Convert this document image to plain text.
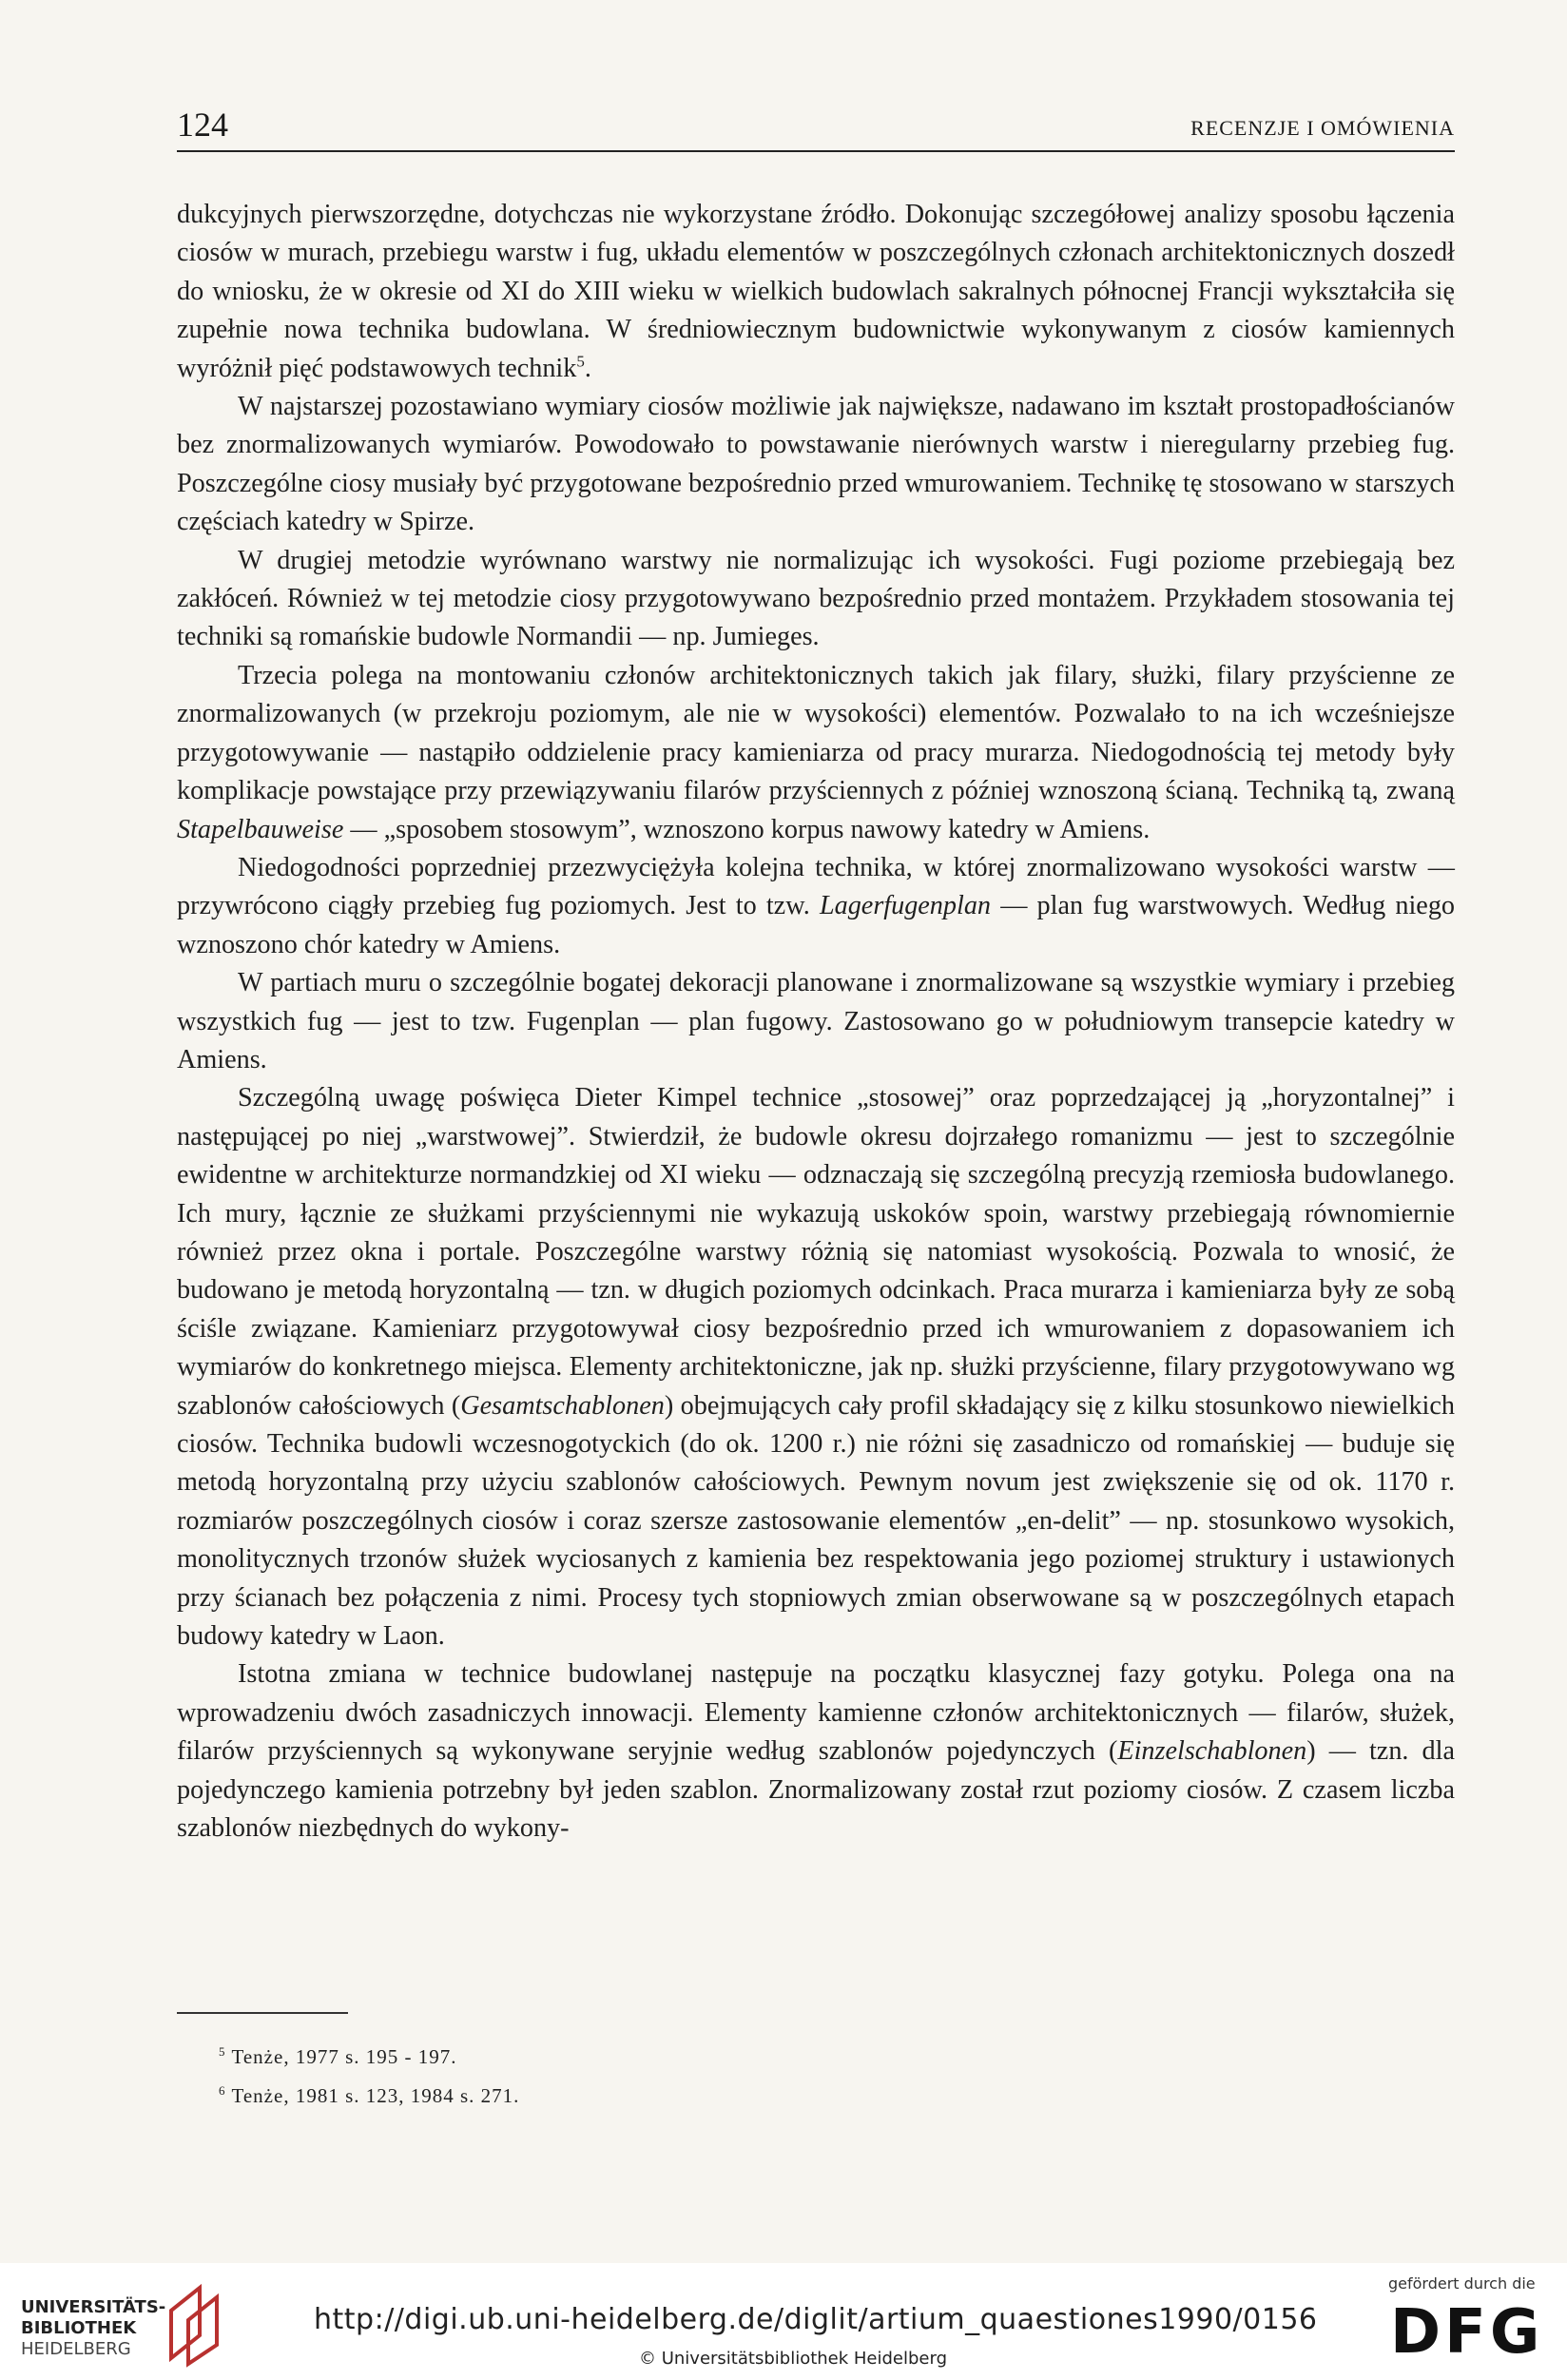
124	RECENZJE I OMÓWIENIA

dukcyjnych pierwszorzędne, dotychczas nie wykorzystane źródło. Dokonując szczegółowej analizy sposobu łączenia ciosów w murach, przebiegu warstw i fug, układu elementów w poszczególnych członach architektonicznych doszedł do wniosku, że w okresie od XI do XIII wieku w wielkich budowlach sakralnych północnej Francji wykształciła się zupełnie nowa technika budowlana. W średniowiecznym budownictwie wykonywanym z ciosów kamiennych wyróżnił pięć podstawowych technik$^5$.

W najstarszej pozostawiano wymiary ciosów możliwie jak największe, nadawano im kształt prostopadłościanów bez znormalizowanych wymiarów. Powodowało to powstawanie nierównych warstw i nieregularny przebieg fug. Poszczególne ciosy musiały być przygotowane bezpośrednio przed wmurowaniem. Technikę tę stosowano w starszych częściach katedry w Spirze.

W drugiej metodzie wyrównano warstwy nie normalizując ich wysokości. Fugi poziome przebiegają bez zakłóceń. Również w tej metodzie ciosy przygotowywano bezpośrednio przed montażem. Przykładem stosowania tej techniki są romańskie budowle Normandii — np. Jumieges.

Trzecia polega na montowaniu członów architektonicznych takich jak filary, służki, filary przyścienne ze znormalizowanych (w przekroju poziomym, ale nie w wysokości) elementów. Pozwalało to na ich wcześniejsze przygotowywanie — nastąpiło oddzielenie pracy kamieniarza od pracy murarza. Niedogodnością tej metody były komplikacje powstające przy przewiązywaniu filarów przyściennych z później wznoszoną ścianą. Techniką tą, zwaną Stapelbauweise — „sposobem stosowym”, wznoszono korpus nawowy katedry w Amiens.

Niedogodności poprzedniej przezwyciężyła kolejna technika, w której znormalizowano wysokości warstw — przywrócono ciągły przebieg fug poziomych. Jest to tzw. Lagerfugenplan — plan fug warstwowych. Według niego wznoszono chór katedry w Amiens.

W partiach muru o szczególnie bogatej dekoracji planowane i znormalizowane są wszystkie wymiary i przebieg wszystkich fug — jest to tzw. Fugenplan — plan fugowy. Zastosowano go w południowym transepcie katedry w Amiens.

Szczególną uwagę poświęca Dieter Kimpel technice „stosowej” oraz poprzedzającej ją „horyzontalnej” i następującej po niej „warstwowej”. Stwierdził, że budowle okresu dojrzałego romanizmu — jest to szczególnie ewidentne w architekturze normandzkiej od XI wieku — odznaczają się szczególną precyzją rzemiosła budowlanego. Ich mury, łącznie ze służkami przyściennymi nie wykazują uskoków spoin, warstwy przebiegają równomiernie również przez okna i portale. Poszczególne warstwy różnią się natomiast wysokością. Pozwala to wnosić, że budowano je metodą horyzontalną — tzn. w długich poziomych odcinkach. Praca murarza i kamieniarza były ze sobą ściśle związane. Kamieniarz przygotowywał ciosy bezpośrednio przed ich wmurowaniem z dopasowaniem ich wymiarów do konkretnego miejsca. Elementy architektoniczne, jak np. służki przyścienne, filary przygotowywano wg szablonów całościowych (Gesamtschablonen) obejmujących cały profil składający się z kilku stosunkowo niewielkich ciosów. Technika budowli wczesnogotyckich (do ok. 1200 r.) nie różni się zasadniczo od romańskiej — buduje się metodą horyzontalną przy użyciu szablonów całościowych. Pewnym novum jest zwiększenie się od ok. 1170 r. rozmiarów poszczególnych ciosów i coraz szersze zastosowanie elementów „en-delit” — np. stosunkowo wysokich, monolitycznych trzonów służek wyciosanych z kamienia bez respektowania jego poziomej struktury i ustawionych przy ścianach bez połączenia z nimi. Procesy tych stopniowych zmian obserwowane są w poszczególnych etapach budowy katedry w Laon.

Istotna zmiana w technice budowlanej następuje na początku klasycznej fazy gotyku. Polega ona na wprowadzeniu dwóch zasadniczych innowacji. Elementy kamienne członów architektonicznych — filarów, służek, filarów przyściennych są wykonywane seryjnie według szablonów pojedynczych (Einzelschablonen) — tzn. dla pojedynczego kamienia potrzebny był jeden szablon. Znormalizowany został rzut poziomy ciosów. Z czasem liczba szablonów niezbędnych do wykony-

$^5$ Tenże, 1977 s. 195 - 197.
$^6$ Tenże, 1981 s. 123, 1984 s. 271.
UNIVERSITÄTS-
BIBLIOTHEK
HEIDELBERG
http://digi.ub.uni-heidelberg.de/diglit/artium_quaestiones1990/0156
© Universitätsbibliothek Heidelberg
gefördert durch die
DFG
